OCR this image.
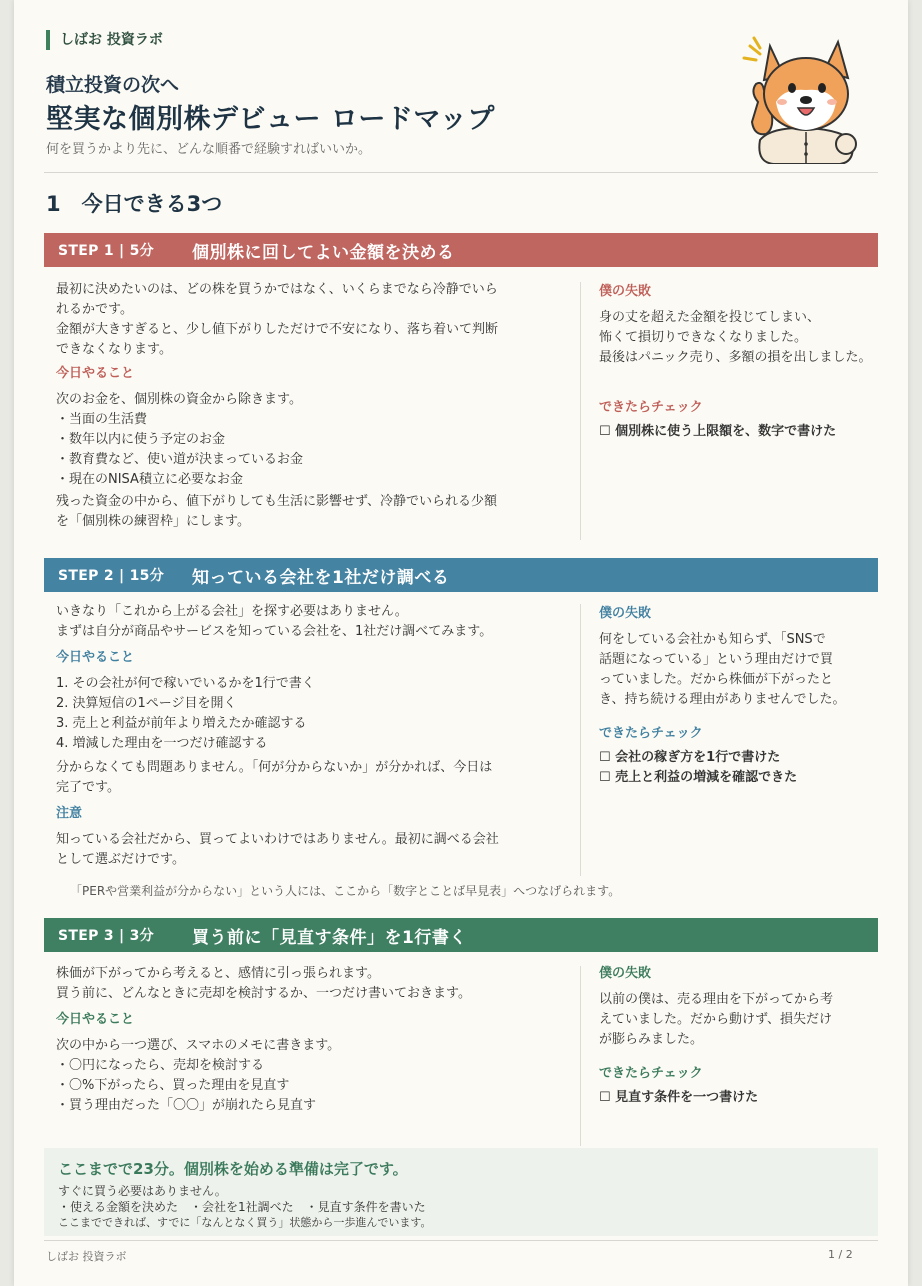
しばお 投資ラボ
積立投資の次へ
堅実な個別株デビュー ロードマップ
何を買うかより先に、どんな順番で経験すればいいか。
1　今日できる3つ
STEP 1 | 5分	個別株に回してよい金額を決める

最初に決めたいのは、どの株を買うかではなく、いくらまでなら冷静でいら

れるかです。

金額が大きすぎると、少し値下がりしただけで不安になり、落ち着いて判断

できなくなります。

今日やること

次のお金を、個別株の資金から除きます。

・当面の生活費

・数年以内に使う予定のお金

・教育費など、使い道が決まっているお金

・現在のNISA積立に必要なお金

残った資金の中から、値下がりしても生活に影響せず、冷静でいられる少額

を「個別株の練習枠」にします。

僕の失敗

身の丈を超えた金額を投じてしまい、

怖くて損切りできなくなりました。

最後はパニック売り、多額の損を出しました。

できたらチェック

☐ 個別株に使う上限額を、数字で書けた

STEP 2 | 15分	知っている会社を1社だけ調べる

いきなり「これから上がる会社」を探す必要はありません。

まずは自分が商品やサービスを知っている会社を、1社だけ調べてみます。

今日やること

1. その会社が何で稼いでいるかを1行で書く

2. 決算短信の1ページ目を開く

3. 売上と利益が前年より増えたか確認する

4. 増減した理由を一つだけ確認する

分からなくても問題ありません。「何が分からないか」が分かれば、今日は

完了です。

注意

知っている会社だから、買ってよいわけではありません。最初に調べる会社

として選ぶだけです。

僕の失敗

何をしている会社かも知らず、「SNSで

話題になっている」という理由だけで買

っていました。だから株価が下がったと

き、持ち続ける理由がありませんでした。

できたらチェック

☐ 会社の稼ぎ方を1行で書けた

☐ 売上と利益の増減を確認できた

「PERや営業利益が分からない」という人には、ここから「数字とことば早見表」へつなげられます。
STEP 3 | 3分	買う前に「見直す条件」を1行書く

株価が下がってから考えると、感情に引っ張られます。

買う前に、どんなときに売却を検討するか、一つだけ書いておきます。

今日やること

次の中から一つ選び、スマホのメモに書きます。

・〇円になったら、売却を検討する

・〇%下がったら、買った理由を見直す

・買う理由だった「〇〇」が崩れたら見直す

僕の失敗

以前の僕は、売る理由を下がってから考

えていました。だから動けず、損失だけ

が膨らみました。

できたらチェック

☐ 見直す条件を一つ書けた

ここまでで23分。個別株を始める準備は完了です。
すぐに買う必要はありません。
・使える金額を決めた　・会社を1社調べた　・見直す条件を書いた
ここまでできれば、すでに「なんとなく買う」状態から一歩進んでいます。
しばお 投資ラボ	1 / 2
